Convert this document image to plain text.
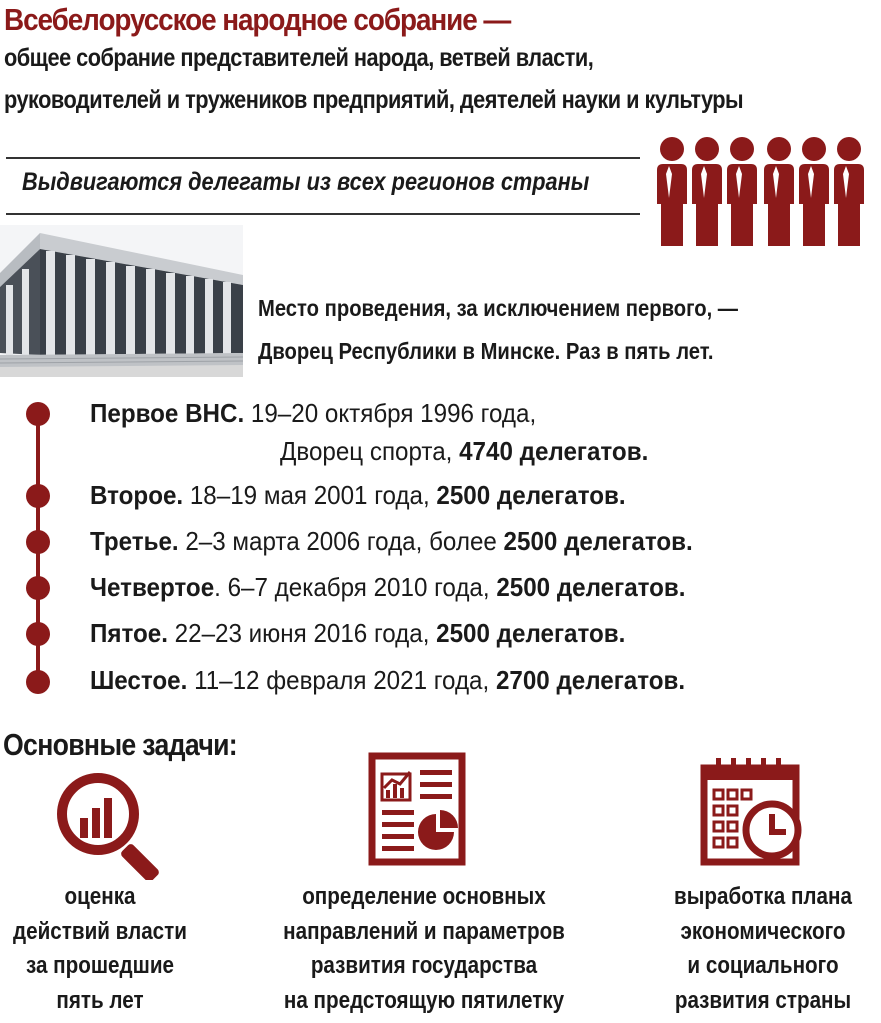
Всебелорусское народное собрание —
общее собрание представителей народа, ветвей власти,
руководителей и тружеников предприятий, деятелей науки и культуры
Выдвигаются делегаты из всех регионов страны
Место проведения, за исключением первого, —
Дворец Республики в Минске. Раз в пять лет.
Первое ВНС. 19–20 октября 1996 года,
Дворец спорта, 4740 делегатов.
Второе. 18–19 мая 2001 года, 2500 делегатов.
Третье. 2–3 марта 2006 года, более 2500 делегатов.
Четвертое. 6–7 декабря 2010 года, 2500 делегатов.
Пятое. 22–23 июня 2016 года, 2500 делегатов.
Шестое. 11–12 февраля 2021 года, 2700 делегатов.
Основные задачи:
оценка
действий власти
за прошедшие
пять лет
определение основных
направлений и параметров
развития государства
на предстоящую пятилетку
выработка плана
экономического
и социального
развития страны
